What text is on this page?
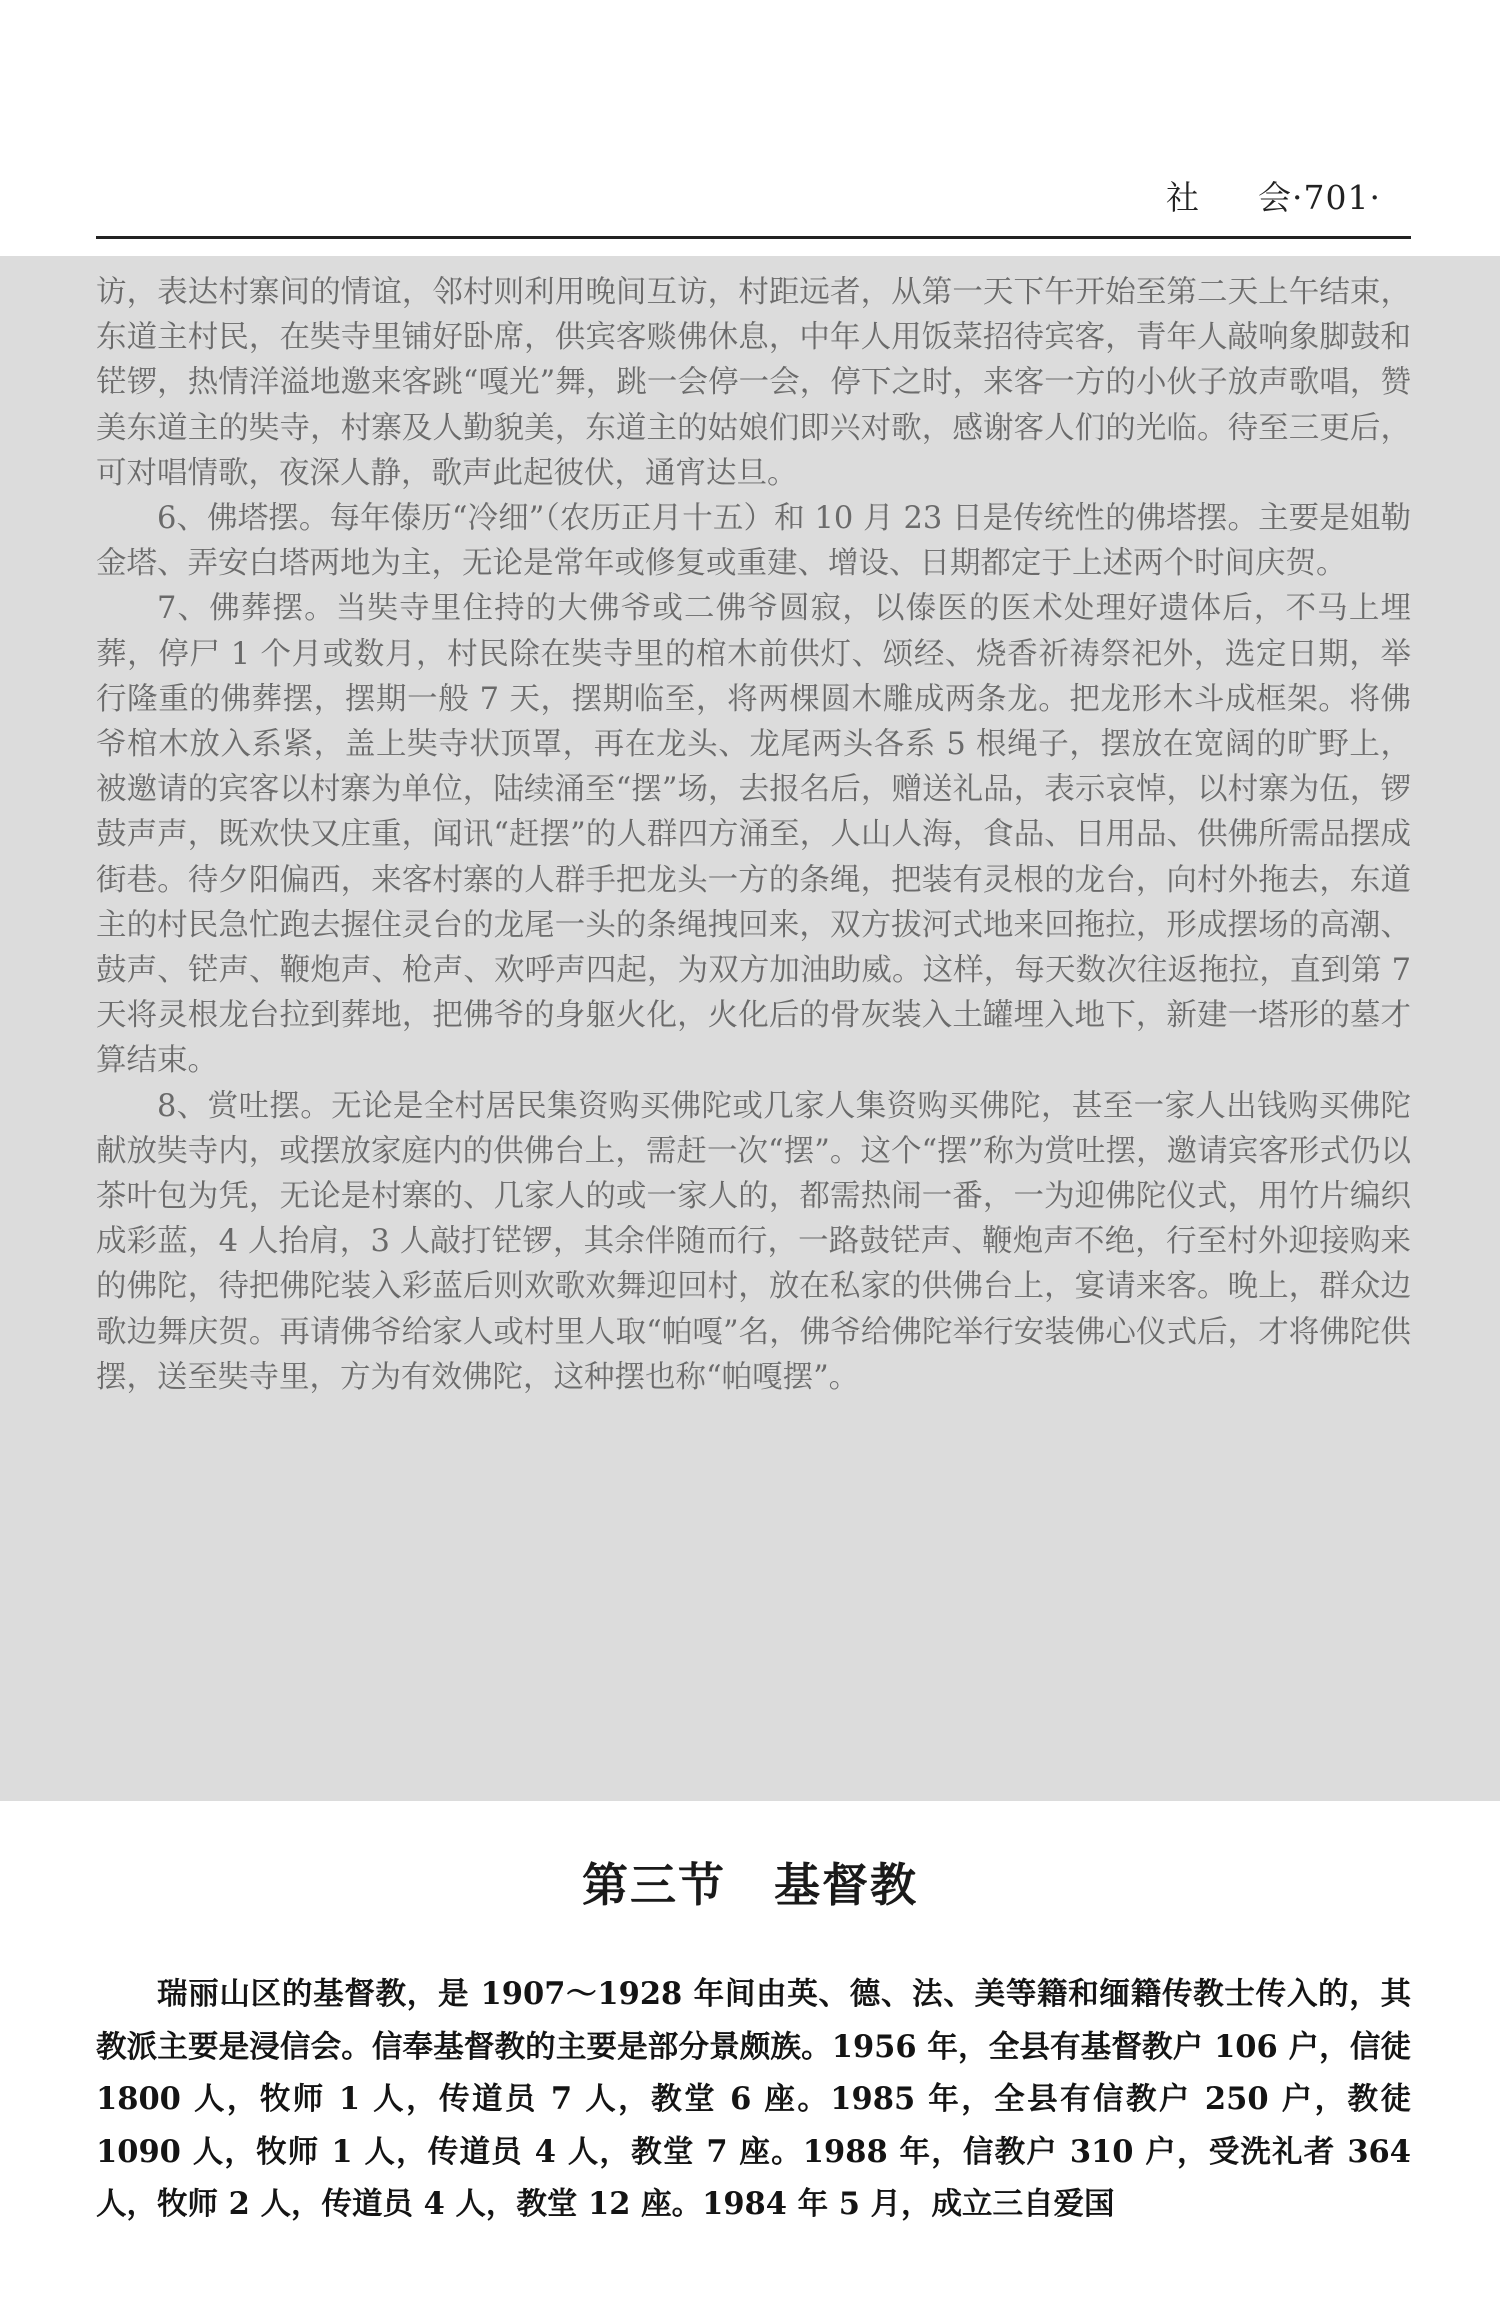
社 会·701·

访，表达村寨间的情谊，邻村则利用晚间互访，村距远者，从第一天下午开始至第二天上午结束，东道主村民，在奘寺里铺好卧席，供宾客赕佛休息，中年人用饭菜招待宾客，青年人敲响象脚鼓和铓锣，热情洋溢地邀来客跳“嘎光”舞，跳一会停一会，停下之时，来客一方的小伙子放声歌唱，赞美东道主的奘寺，村寨及人勤貌美，东道主的姑娘们即兴对歌，感谢客人们的光临。待至三更后，可对唱情歌，夜深人静，歌声此起彼伏，通宵达旦。

6、佛塔摆。每年傣历“冷细”（农历正月十五）和 10 月 23 日是传统性的佛塔摆。主要是姐勒金塔、弄安白塔两地为主，无论是常年或修复或重建、增设、日期都定于上述两个时间庆贺。

7、佛葬摆。当奘寺里住持的大佛爷或二佛爷圆寂，以傣医的医术处理好遗体后，不马上埋葬，停尸 1 个月或数月，村民除在奘寺里的棺木前供灯、颂经、烧香祈祷祭祀外，选定日期，举行隆重的佛葬摆，摆期一般 7 天，摆期临至，将两棵圆木雕成两条龙。把龙形木斗成框架。将佛爷棺木放入系紧，盖上奘寺状顶罩，再在龙头、龙尾两头各系 5 根绳子，摆放在宽阔的旷野上，被邀请的宾客以村寨为单位，陆续涌至“摆”场，去报名后，赠送礼品，表示哀悼，以村寨为伍，锣鼓声声，既欢快又庄重，闻讯“赶摆”的人群四方涌至，人山人海，食品、日用品、供佛所需品摆成街巷。待夕阳偏西，来客村寨的人群手把龙头一方的条绳，把装有灵根的龙台，向村外拖去，东道主的村民急忙跑去握住灵台的龙尾一头的条绳拽回来，双方拔河式地来回拖拉，形成摆场的高潮、鼓声、铓声、鞭炮声、枪声、欢呼声四起，为双方加油助威。这样，每天数次往返拖拉，直到第 7 天将灵根龙台拉到葬地，把佛爷的身躯火化，火化后的骨灰装入土罐埋入地下，新建一塔形的墓才算结束。

8、赏吐摆。无论是全村居民集资购买佛陀或几家人集资购买佛陀，甚至一家人出钱购买佛陀献放奘寺内，或摆放家庭内的供佛台上，需赶一次“摆”。这个“摆”称为赏吐摆，邀请宾客形式仍以茶叶包为凭，无论是村寨的、几家人的或一家人的，都需热闹一番，一为迎佛陀仪式，用竹片编织成彩蓝，4 人抬肩，3 人敲打铓锣，其余伴随而行，一路鼓铓声、鞭炮声不绝，行至村外迎接购来的佛陀，待把佛陀装入彩蓝后则欢歌欢舞迎回村，放在私家的供佛台上，宴请来客。晚上，群众边歌边舞庆贺。再请佛爷给家人或村里人取“帕嘎”名，佛爷给佛陀举行安装佛心仪式后，才将佛陀供摆，送至奘寺里，方为有效佛陀，这种摆也称“帕嘎摆”。

第三节　基督教

瑞丽山区的基督教，是 1907～1928 年间由英、德、法、美等籍和缅籍传教士传入的，其教派主要是浸信会。信奉基督教的主要是部分景颇族。1956 年，全县有基督教户 106 户，信徒 1800 人，牧师 1 人，传道员 7 人，教堂 6 座。1985 年，全县有信教户 250 户，教徒 1090 人，牧师 1 人，传道员 4 人，教堂 7 座。1988 年，信教户 310 户，受洗礼者 364 人，牧师 2 人，传道员 4 人，教堂 12 座。1984 年 5 月，成立三自爱国
